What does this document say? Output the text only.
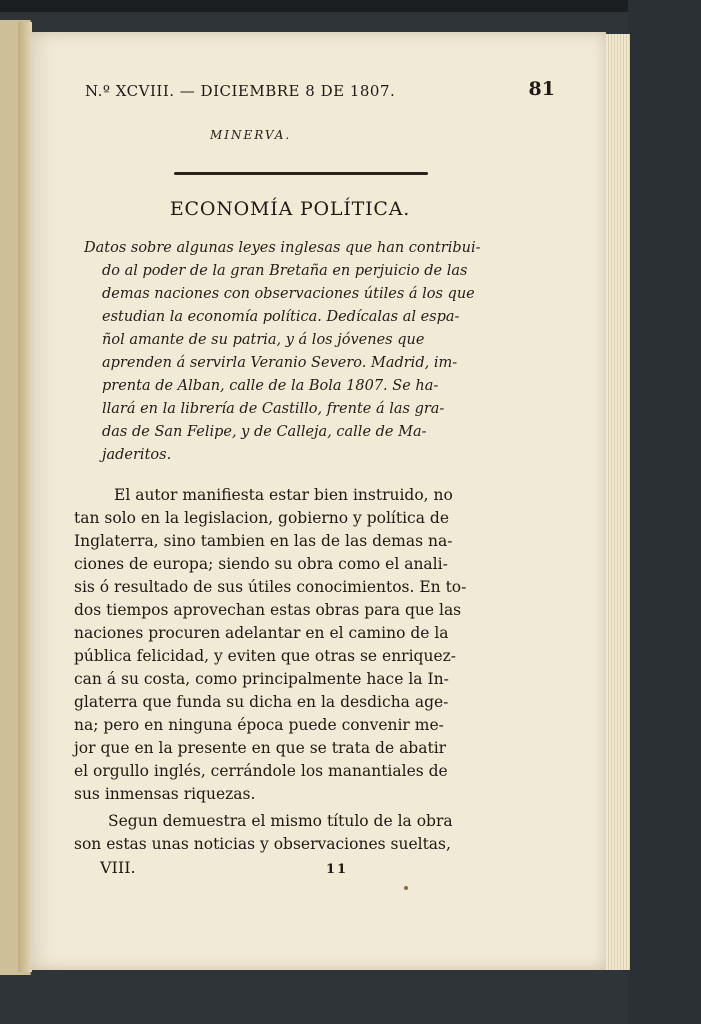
N.º XCVIII. — DICIEMBRE 8 DE 1807.	81
MINERVA.
ECONOMÍA POLÍTICA.
Datos sobre algunas leyes inglesas que han contribui-
do al poder de la gran Bretaña en perjuicio de las
demas naciones con observaciones útiles á los que
estudian la economía política. Dedícalas al espa-
ñol amante de su patria, y á los jóvenes que
aprenden á servirla Veranio Severo. Madrid, im-
prenta de Alban, calle de la Bola 1807. Se ha-
llará en la librería de Castillo, frente á las gra-
das de San Felipe, y de Calleja, calle de Ma-
jaderitos.
El autor manifiesta estar bien instruido, no
tan solo en la legislacion, gobierno y política de
Inglaterra, sino tambien en las de las demas na-
ciones de europa; siendo su obra como el anali-
sis ó resultado de sus útiles conocimientos. En to-
dos tiempos aprovechan estas obras para que las
naciones procuren adelantar en el camino de la
pública felicidad, y eviten que otras se enriquez-
can á su costa, como principalmente hace la In-
glaterra que funda su dicha en la desdicha age-
na; pero en ninguna época puede convenir me-
jor que en la presente en que se trata de abatir
el orgullo inglés, cerrándole los manantiales de
sus inmensas riquezas.
Segun demuestra el mismo título de la obra
son estas unas noticias y observaciones sueltas,
VIII.	11
